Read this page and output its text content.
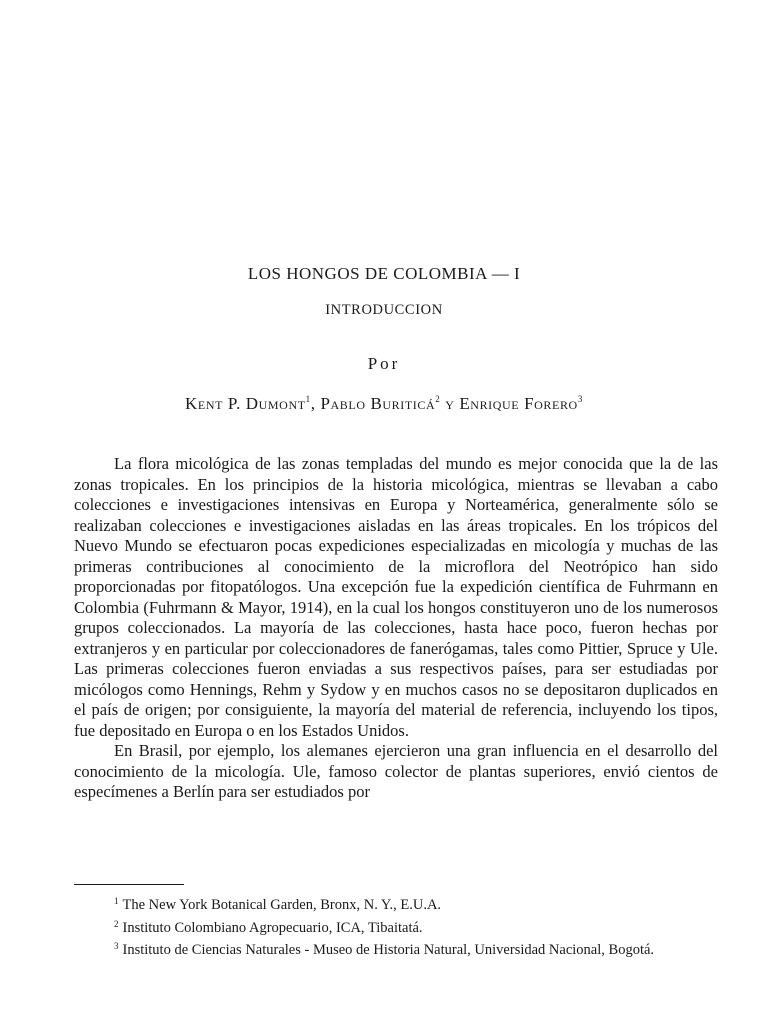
LOS HONGOS DE COLOMBIA — I
INTRODUCCION
Por
Kent P. Dumont$^1$, Pablo Buriticá$^2$ y Enrique Forero$^3$

La flora micológica de las zonas templadas del mundo es mejor conocida que la de las zonas tropicales. En los principios de la historia micológica, mientras se llevaban a cabo colecciones e investigaciones intensivas en Europa y Norteamérica, generalmente sólo se realizaban colecciones e investigaciones aisladas en las áreas tropicales. En los trópicos del Nuevo Mundo se efectuaron pocas expediciones especializadas en micología y muchas de las primeras contribuciones al conocimiento de la microflora del Neotrópico han sido proporcionadas por fitopatólogos. Una excepción fue la expedición científica de Fuhrmann en Colombia (Fuhrmann & Mayor, 1914), en la cual los hongos constituyeron uno de los numerosos grupos coleccionados. La mayoría de las colecciones, hasta hace poco, fueron hechas por extranjeros y en particular por coleccionadores de fanerógamas, tales como Pittier, Spruce y Ule. Las primeras colecciones fueron enviadas a sus respectivos países, para ser estudiadas por micólogos como Hennings, Rehm y Sydow y en muchos casos no se depositaron duplicados en el país de origen; por consiguiente, la mayoría del material de referencia, incluyendo los tipos, fue depositado en Europa o en los Estados Unidos.

En Brasil, por ejemplo, los alemanes ejercieron una gran influencia en el desarrollo del conocimiento de la micología. Ule, famoso colector de plantas superiores, envió cientos de especímenes a Berlín para ser estudiados por

$^1$ The New York Botanical Garden, Bronx, N. Y., E.U.A.

$^2$ Instituto Colombiano Agropecuario, ICA, Tibaitatá.

$^3$ Instituto de Ciencias Naturales - Museo de Historia Natural, Universidad Nacional, Bogotá.
